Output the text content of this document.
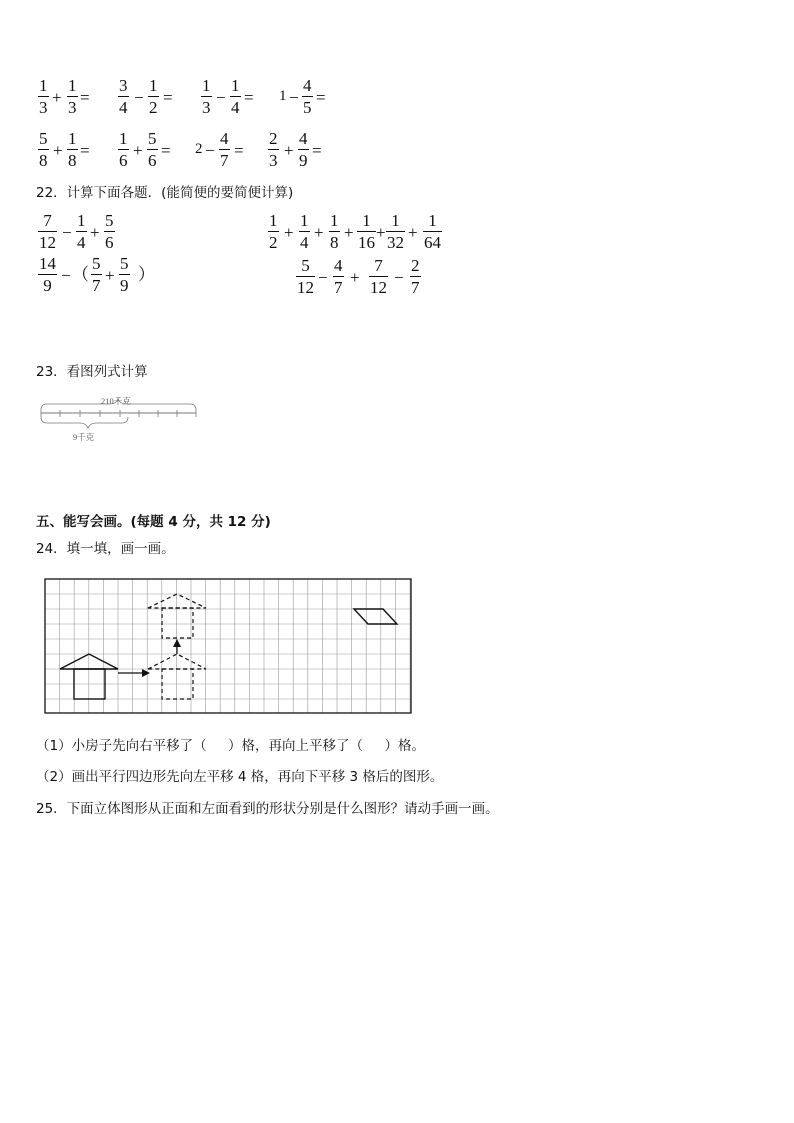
1
3
+
1
3
=
3
4
−
1
2
=
1
3
−
1
4
= 1 −
4
5
=
5
8
+
1
8
=
1
6
+
5
6
= 2 −
4
7
=
2
3
+
4
9
=
22．计算下面各题．(能简便的要简便计算)
7
12
−
1
4
+
5
6
1
2
+
1
4
+
1
8
+
1
16
+
1
32
+
1
64
14
9
− （
5
7
+
5
9
）	5
12
−
4
7
+
7
12
−
2
7
23．看图列式计算
210千克
9千克
五、能写会画。(每题 4 分，共 12 分)
24．填一填，画一画。
（1）小房子先向右平移了（     ）格，再向上平移了（     ）格。
（2）画出平行四边形先向左平移 4 格，再向下平移 3 格后的图形。
25．下面立体图形从正面和左面看到的形状分别是什么图形？请动手画一画。
